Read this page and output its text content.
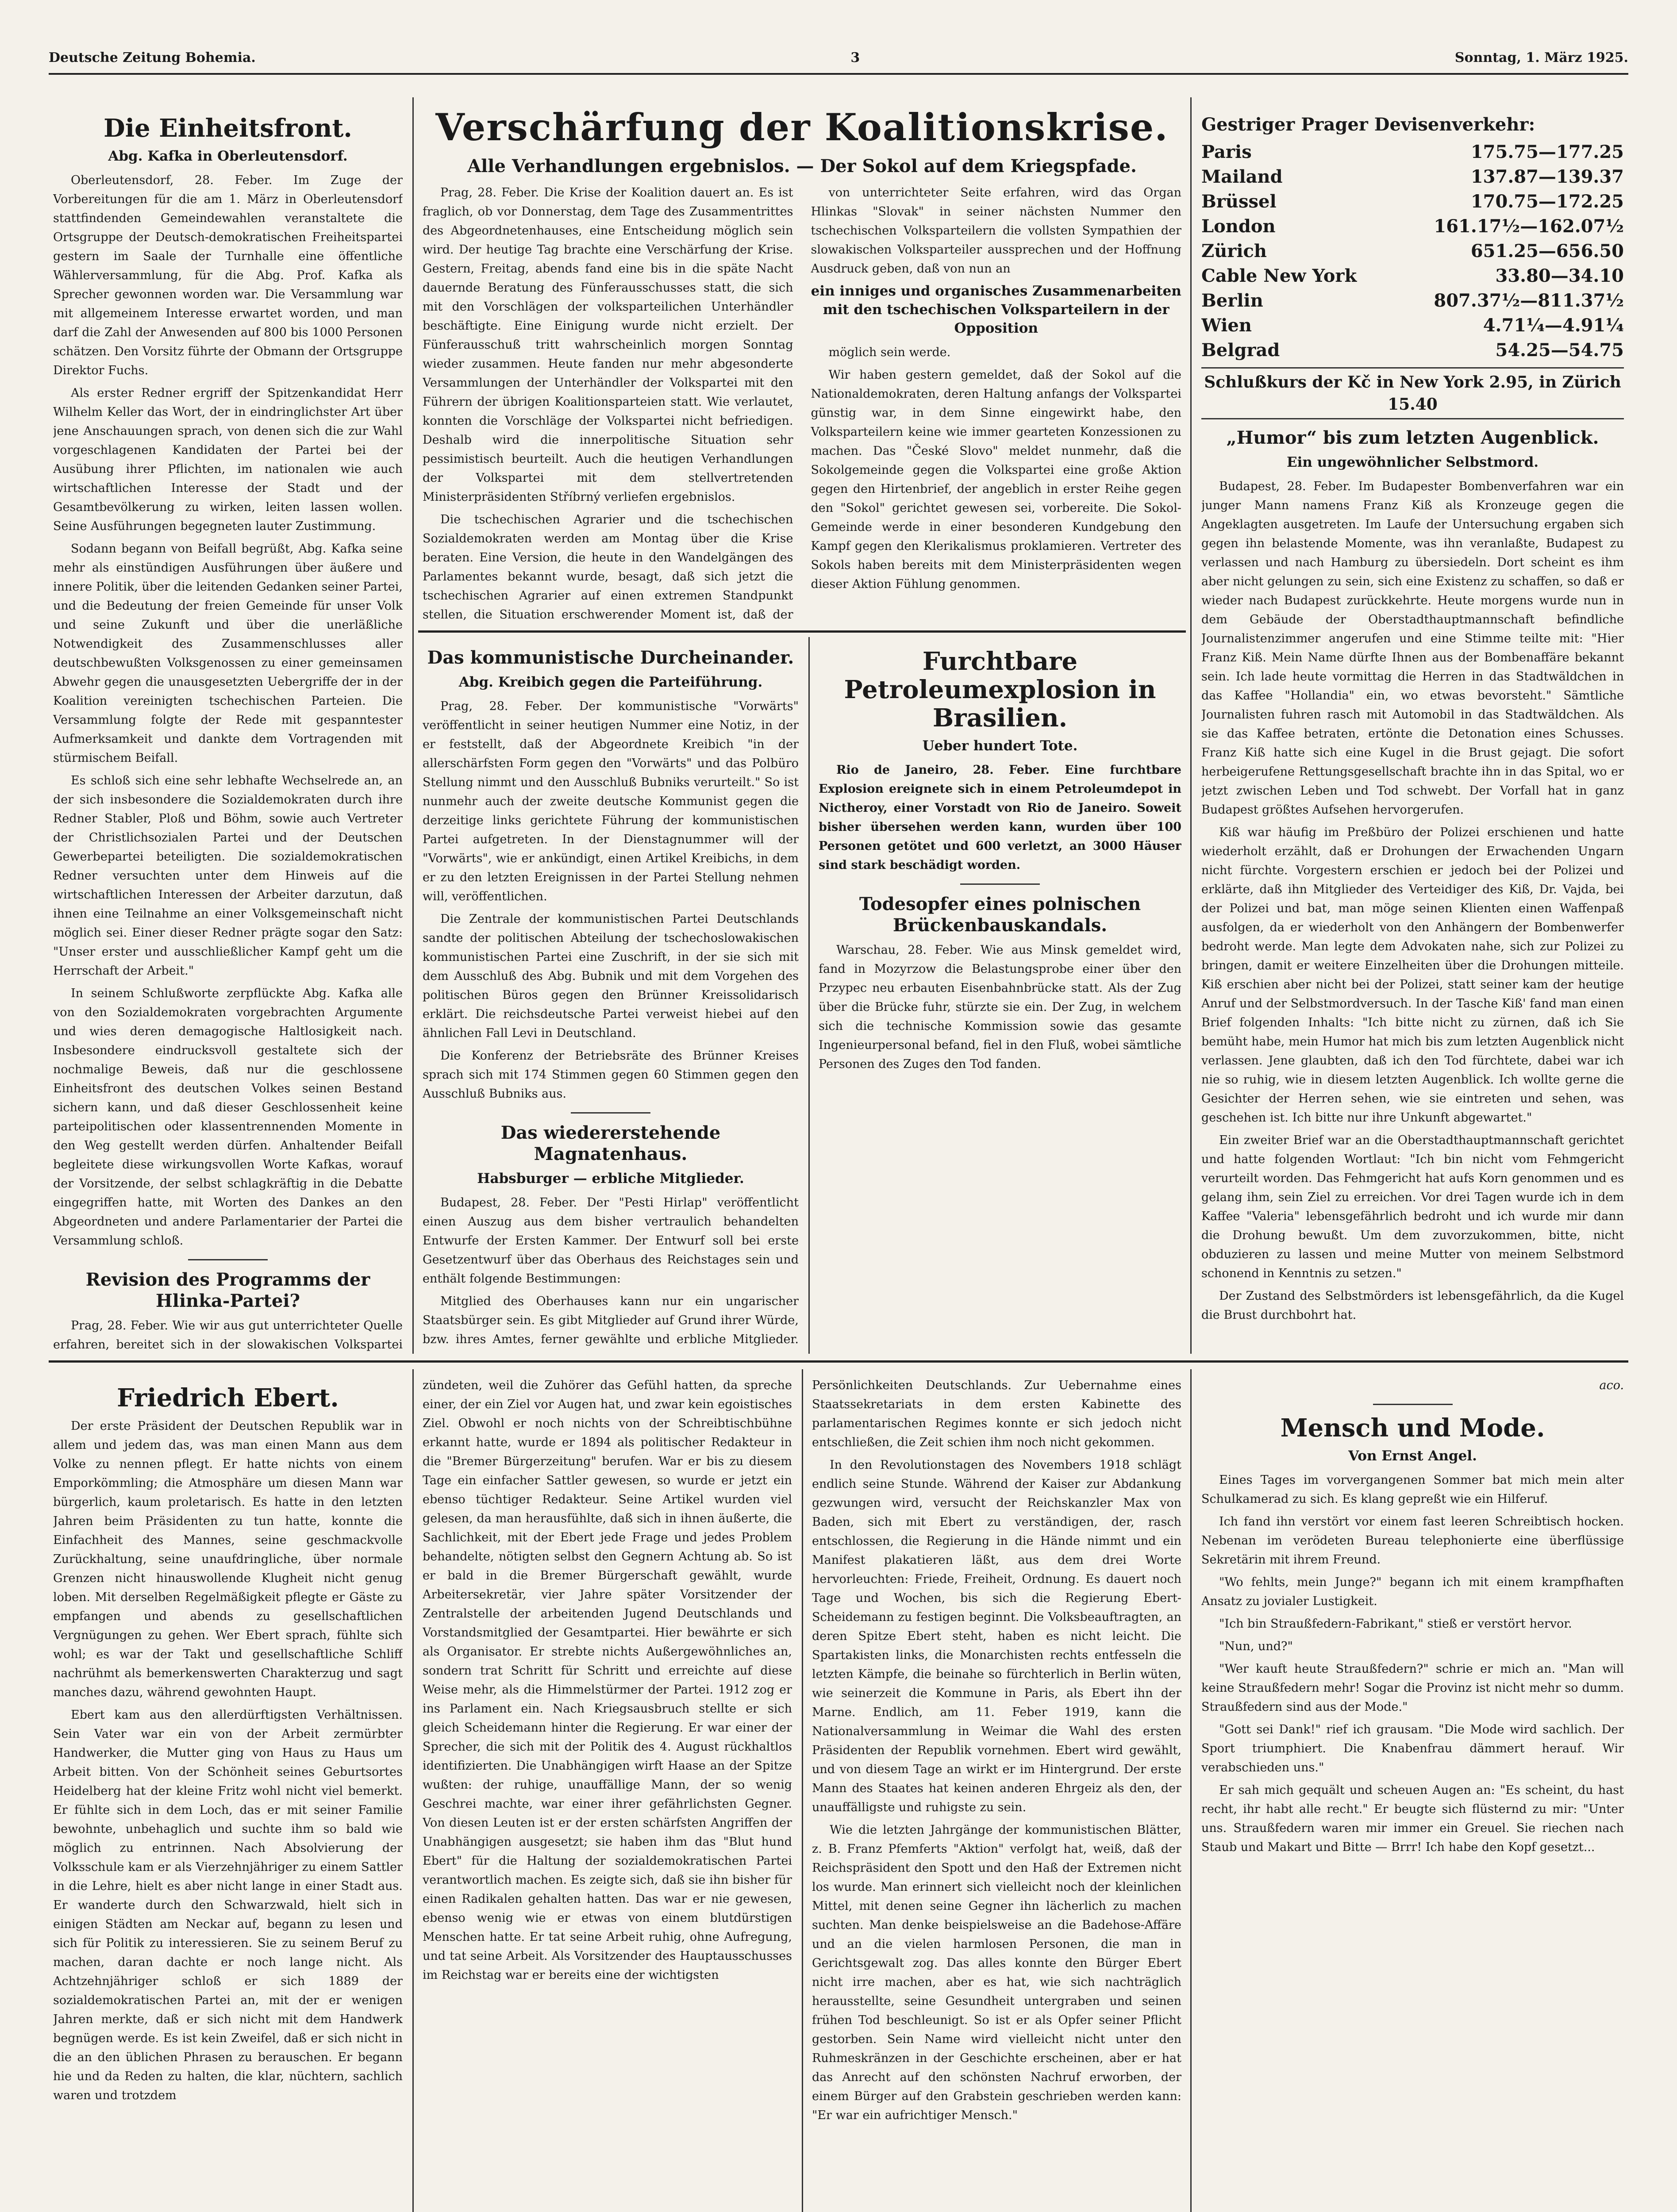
Deutsche Zeitung Bohemia.	3	Sonntag, 1. März 1925.
Die Einheitsfront.
Abg. Kafka in Oberleutensdorf.

Oberleutensdorf, 28. Feber. Im Zuge der Vorbereitungen für die am 1. März in Oberleutensdorf stattfindenden Gemeindewahlen veranstaltete die Ortsgruppe der Deutsch-demokratischen Freiheitspartei gestern im Saale der Turnhalle eine öffentliche Wählerversammlung, für die Abg. Prof. Kafka als Sprecher gewonnen worden war. Die Versammlung war mit allgemeinem Interesse erwartet worden, und man darf die Zahl der Anwesenden auf 800 bis 1000 Personen schätzen. Den Vorsitz führte der Obmann der Ortsgruppe Direktor Fuchs.

Als erster Redner ergriff der Spitzenkandidat Herr Wilhelm Keller das Wort, der in eindringlichster Art über jene Anschauungen sprach, von denen sich die zur Wahl vorgeschlagenen Kandidaten der Partei bei der Ausübung ihrer Pflichten, im nationalen wie auch wirtschaftlichen Interesse der Stadt und der Gesamtbevölkerung zu wirken, leiten lassen wollen. Seine Ausführungen begegneten lauter Zustimmung.

Sodann begann von Beifall begrüßt, Abg. Kafka seine mehr als einstündigen Ausführungen über äußere und innere Politik, über die leitenden Gedanken seiner Partei, und die Bedeutung der freien Gemeinde für unser Volk und seine Zukunft und über die unerläßliche Notwendigkeit des Zusammenschlusses aller deutschbewußten Volksgenossen zu einer gemeinsamen Abwehr gegen die unausgesetzten Uebergriffe der in der Koalition vereinigten tschechischen Parteien. Die Versammlung folgte der Rede mit gespanntester Aufmerksamkeit und dankte dem Vortragenden mit stürmischem Beifall.

Es schloß sich eine sehr lebhafte Wechselrede an, an der sich insbesondere die Sozialdemokraten durch ihre Redner Stabler, Ploß und Böhm, sowie auch Vertreter der Christlichsozialen Partei und der Deutschen Gewerbepartei beteiligten. Die sozialdemokratischen Redner versuchten unter dem Hinweis auf die wirtschaftlichen Interessen der Arbeiter darzutun, daß ihnen eine Teilnahme an einer Volksgemeinschaft nicht möglich sei. Einer dieser Redner prägte sogar den Satz: "Unser erster und ausschließlicher Kampf geht um die Herrschaft der Arbeit."

In seinem Schlußworte zerpflückte Abg. Kafka alle von den Sozialdemokraten vorgebrachten Argumente und wies deren demagogische Haltlosigkeit nach. Insbesondere eindrucksvoll gestaltete sich der nochmalige Beweis, daß nur die geschlossene Einheitsfront des deutschen Volkes seinen Bestand sichern kann, und daß dieser Geschlossenheit keine parteipolitischen oder klassentrennenden Momente in den Weg gestellt werden dürfen. Anhaltender Beifall begleitete diese wirkungsvollen Worte Kafkas, worauf der Vorsitzende, der selbst schlagkräftig in die Debatte eingegriffen hatte, mit Worten des Dankes an den Abgeordneten und andere Parlamentarier der Partei die Versammlung schloß.

Revision des Programms der Hlinka-Partei?

Prag, 28. Feber. Wie wir aus gut unterrichteter Quelle erfahren, bereitet sich in der slowakischen Volkspartei

Verschärfung der Koalitionskrise.
Alle Verhandlungen ergebnislos. — Der Sokol auf dem Kriegspfade.

Prag, 28. Feber. Die Krise der Koalition dauert an. Es ist fraglich, ob vor Donnerstag, dem Tage des Zusammentrittes des Abgeordnetenhauses, eine Entscheidung möglich sein wird. Der heutige Tag brachte eine Verschärfung der Krise. Gestern, Freitag, abends fand eine bis in die späte Nacht dauernde Beratung des Fünferausschusses statt, die sich mit den Vorschlägen der volksparteilichen Unterhändler beschäftigte. Eine Einigung wurde nicht erzielt. Der Fünferausschuß tritt wahrscheinlich morgen Sonntag wieder zusammen. Heute fanden nur mehr abgesonderte Versammlungen der Unterhändler der Volkspartei mit den Führern der übrigen Koalitionsparteien statt. Wie verlautet, konnten die Vorschläge der Volkspartei nicht befriedigen. Deshalb wird die innerpolitische Situation sehr pessimistisch beurteilt. Auch die heutigen Verhandlungen der Volkspartei mit dem stellvertretenden Ministerpräsidenten Stříbrný verliefen ergebnislos.

Die tschechischen Agrarier und die tschechischen Sozialdemokraten werden am Montag über die Krise beraten. Eine Version, die heute in den Wandelgängen des Parlamentes bekannt wurde, besagt, daß sich jetzt die tschechischen Agrarier auf einen extremen Standpunkt stellen, die Situation erschwerender Moment ist, daß der

von unterrichteter Seite erfahren, wird das Organ Hlinkas "Slovak" in seiner nächsten Nummer den tschechischen Volksparteilern die vollsten Sympathien der slowakischen Volksparteiler aussprechen und der Hoffnung Ausdruck geben, daß von nun an

ein inniges und organisches Zusammenarbeiten mit den tschechischen Volksparteilern in der Opposition

möglich sein werde.

Wir haben gestern gemeldet, daß der Sokol auf die Nationaldemokraten, deren Haltung anfangs der Volkspartei günstig war, in dem Sinne eingewirkt habe, den Volksparteilern keine wie immer gearteten Konzessionen zu machen. Das "České Slovo" meldet nunmehr, daß die Sokolgemeinde gegen die Volkspartei eine große Aktion gegen den Hirtenbrief, der angeblich in erster Reihe gegen den "Sokol" gerichtet gewesen sei, vorbereite. Die Sokol-Gemeinde werde in einer besonderen Kundgebung den Kampf gegen den Klerikalismus proklamieren. Vertreter des Sokols haben bereits mit dem Ministerpräsidenten wegen dieser Aktion Fühlung genommen.

Das kommunistische Durcheinander.
Abg. Kreibich gegen die Parteiführung.

Prag, 28. Feber. Der kommunistische "Vorwärts" veröffentlicht in seiner heutigen Nummer eine Notiz, in der er feststellt, daß der Abgeordnete Kreibich "in der allerschärfsten Form gegen den "Vorwärts" und das Polbüro Stellung nimmt und den Ausschluß Bubniks verurteilt." So ist nunmehr auch der zweite deutsche Kommunist gegen die derzeitige links gerichtete Führung der kommunistischen Partei aufgetreten. In der Dienstagnummer will der "Vorwärts", wie er ankündigt, einen Artikel Kreibichs, in dem er zu den letzten Ereignissen in der Partei Stellung nehmen will, veröffentlichen.

Die Zentrale der kommunistischen Partei Deutschlands sandte der politischen Abteilung der tschechoslowakischen kommunistischen Partei eine Zuschrift, in der sie sich mit dem Ausschluß des Abg. Bubnik und mit dem Vorgehen des politischen Büros gegen den Brünner Kreissolidarisch erklärt. Die reichsdeutsche Partei verweist hiebei auf den ähnlichen Fall Levi in Deutschland.

Die Konferenz der Betriebsräte des Brünner Kreises sprach sich mit 174 Stimmen gegen 60 Stimmen gegen den Ausschluß Bubniks aus.

Das wiedererstehende Magnatenhaus.
Habsburger — erbliche Mitglieder.

Budapest, 28. Feber. Der "Pesti Hirlap" veröffentlicht einen Auszug aus dem bisher vertraulich behandelten Entwurfe der Ersten Kammer. Der Entwurf soll bei erste Gesetzentwurf über das Oberhaus des Reichstages sein und enthält folgende Bestimmungen:

Mitglied des Oberhauses kann nur ein ungarischer Staatsbürger sein. Es gibt Mitglieder auf Grund ihrer Würde, bzw. ihres Amtes, ferner gewählte und erbliche Mitglieder.

Furchtbare Petroleumexplosion in Brasilien.
Ueber hundert Tote.

Rio de Janeiro, 28. Feber. Eine furchtbare Explosion ereignete sich in einem Petroleumdepot in Nictheroy, einer Vorstadt von Rio de Janeiro. Soweit bisher übersehen werden kann, wurden über 100 Personen getötet und 600 verletzt, an 3000 Häuser sind stark beschädigt worden.

Todesopfer eines polnischen Brückenbauskandals.

Warschau, 28. Feber. Wie aus Minsk gemeldet wird, fand in Mozyrzow die Belastungsprobe einer über den Przypec neu erbauten Eisenbahnbrücke statt. Als der Zug über die Brücke fuhr, stürzte sie ein. Der Zug, in welchem sich die technische Kommission sowie das gesamte Ingenieurpersonal befand, fiel in den Fluß, wobei sämtliche Personen des Zuges den Tod fanden.

Gestriger Prager Devisenverkehr:
Paris	175.75—177.25
Mailand	137.87—139.37
Brüssel	170.75—172.25
London	161.17½—162.07½
Zürich	651.25—656.50
Cable New York	33.80—34.10
Berlin	807.37½—811.37½
Wien	4.71¼—4.91¼
Belgrad	54.25—54.75
Schlußkurs der Kč in New York 2.95, in Zürich 15.40
„Humor“ bis zum letzten Augenblick.
Ein ungewöhnlicher Selbstmord.

Budapest, 28. Feber. Im Budapester Bombenverfahren war ein junger Mann namens Franz Kiß als Kronzeuge gegen die Angeklagten ausgetreten. Im Laufe der Untersuchung ergaben sich gegen ihn belastende Momente, was ihn veranlaßte, Budapest zu verlassen und nach Hamburg zu übersiedeln. Dort scheint es ihm aber nicht gelungen zu sein, sich eine Existenz zu schaffen, so daß er wieder nach Budapest zurückkehrte. Heute morgens wurde nun in dem Gebäude der Oberstadthauptmannschaft befindliche Journalistenzimmer angerufen und eine Stimme teilte mit: "Hier Franz Kiß. Mein Name dürfte Ihnen aus der Bombenaffäre bekannt sein. Ich lade heute vormittag die Herren in das Stadtwäldchen in das Kaffee "Hollandia" ein, wo etwas bevorsteht." Sämtliche Journalisten fuhren rasch mit Automobil in das Stadtwäldchen. Als sie das Kaffee betraten, ertönte die Detonation eines Schusses. Franz Kiß hatte sich eine Kugel in die Brust gejagt. Die sofort herbeigerufene Rettungsgesellschaft brachte ihn in das Spital, wo er jetzt zwischen Leben und Tod schwebt. Der Vorfall hat in ganz Budapest größtes Aufsehen hervorgerufen.

Kiß war häufig im Preßbüro der Polizei erschienen und hatte wiederholt erzählt, daß er Drohungen der Erwachenden Ungarn nicht fürchte. Vorgestern erschien er jedoch bei der Polizei und erklärte, daß ihn Mitglieder des Verteidiger des Kiß, Dr. Vajda, bei der Polizei und bat, man möge seinen Klienten einen Waffenpaß ausfolgen, da er wiederholt von den Anhängern der Bombenwerfer bedroht werde. Man legte dem Advokaten nahe, sich zur Polizei zu bringen, damit er weitere Einzelheiten über die Drohungen mitteile. Kiß erschien aber nicht bei der Polizei, statt seiner kam der heutige Anruf und der Selbstmordversuch. In der Tasche Kiß' fand man einen Brief folgenden Inhalts: "Ich bitte nicht zu zürnen, daß ich Sie bemüht habe, mein Humor hat mich bis zum letzten Augenblick nicht verlassen. Jene glaubten, daß ich den Tod fürchtete, dabei war ich nie so ruhig, wie in diesem letzten Augenblick. Ich wollte gerne die Gesichter der Herren sehen, wie sie eintreten und sehen, was geschehen ist. Ich bitte nur ihre Unkunft abgewartet."

Ein zweiter Brief war an die Oberstadthauptmannschaft gerichtet und hatte folgenden Wortlaut: "Ich bin nicht vom Fehmgericht verurteilt worden. Das Fehmgericht hat aufs Korn genommen und es gelang ihm, sein Ziel zu erreichen. Vor drei Tagen wurde ich in dem Kaffee "Valeria" lebensgefährlich bedroht und ich wurde mir dann die Drohung bewußt. Um dem zuvorzukommen, bitte, nicht obduzieren zu lassen und meine Mutter von meinem Selbstmord schonend in Kenntnis zu setzen."

Der Zustand des Selbstmörders ist lebensgefährlich, da die Kugel die Brust durchbohrt hat.

Friedrich Ebert.

Der erste Präsident der Deutschen Republik war in allem und jedem das, was man einen Mann aus dem Volke zu nennen pflegt. Er hatte nichts von einem Emporkömmling; die Atmosphäre um diesen Mann war bürgerlich, kaum proletarisch. Es hatte in den letzten Jahren beim Präsidenten zu tun hatte, konnte die Einfachheit des Mannes, seine geschmackvolle Zurückhaltung, seine unaufdringliche, über normale Grenzen nicht hinauswollende Klugheit nicht genug loben. Mit derselben Regelmäßigkeit pflegte er Gäste zu empfangen und abends zu gesellschaftlichen Vergnügungen zu gehen. Wer Ebert sprach, fühlte sich wohl; es war der Takt und gesellschaftliche Schliff nachrühmt als bemerkenswerten Charakterzug und sagt manches dazu, während gewohnten Haupt.

Ebert kam aus den allerdürftigsten Verhältnissen. Sein Vater war ein von der Arbeit zermürbter Handwerker, die Mutter ging von Haus zu Haus um Arbeit bitten. Von der Schönheit seines Geburtsortes Heidelberg hat der kleine Fritz wohl nicht viel bemerkt. Er fühlte sich in dem Loch, das er mit seiner Familie bewohnte, unbehaglich und suchte ihm so bald wie möglich zu entrinnen. Nach Absolvierung der Volksschule kam er als Vierzehnjähriger zu einem Sattler in die Lehre, hielt es aber nicht lange in einer Stadt aus. Er wanderte durch den Schwarzwald, hielt sich in einigen Städten am Neckar auf, begann zu lesen und sich für Politik zu interessieren. Sie zu seinem Beruf zu machen, daran dachte er noch lange nicht. Als Achtzehnjähriger schloß er sich 1889 der sozialdemokratischen Partei an, mit der er wenigen Jahren merkte, daß er sich nicht mit dem Handwerk begnügen werde. Es ist kein Zweifel, daß er sich nicht in die an den üblichen Phrasen zu berauschen. Er begann hie und da Reden zu halten, die klar, nüchtern, sachlich waren und trotzdem

zündeten, weil die Zuhörer das Gefühl hatten, da spreche einer, der ein Ziel vor Augen hat, und zwar kein egoistisches Ziel. Obwohl er noch nichts von der Schreibtischbühne erkannt hatte, wurde er 1894 als politischer Redakteur in die "Bremer Bürgerzeitung" berufen. War er bis zu diesem Tage ein einfacher Sattler gewesen, so wurde er jetzt ein ebenso tüchtiger Redakteur. Seine Artikel wurden viel gelesen, da man herausfühlte, daß sich in ihnen äußerte, die Sachlichkeit, mit der Ebert jede Frage und jedes Problem behandelte, nötigten selbst den Gegnern Achtung ab. So ist er bald in die Bremer Bürgerschaft gewählt, wurde Arbeitersekretär, vier Jahre später Vorsitzender der Zentralstelle der arbeitenden Jugend Deutschlands und Vorstandsmitglied der Gesamtpartei. Hier bewährte er sich als Organisator. Er strebte nichts Außergewöhnliches an, sondern trat Schritt für Schritt und erreichte auf diese Weise mehr, als die Himmelstürmer der Partei. 1912 zog er ins Parlament ein. Nach Kriegsausbruch stellte er sich gleich Scheidemann hinter die Regierung. Er war einer der Sprecher, die sich mit der Politik des 4. August rückhaltlos identifizierten. Die Unabhängigen wirft Haase an der Spitze wußten: der ruhige, unauffällige Mann, der so wenig Geschrei machte, war einer ihrer gefährlichsten Gegner. Von diesen Leuten ist er der ersten schärfsten Angriffen der Unabhängigen ausgesetzt; sie haben ihm das "Blut hund Ebert" für die Haltung der sozialdemokratischen Partei verantwortlich machen. Es zeigte sich, daß sie ihn bisher für einen Radikalen gehalten hatten. Das war er nie gewesen, ebenso wenig wie er etwas von einem blutdürstigen Menschen hatte. Er tat seine Arbeit ruhig, ohne Aufregung, und tat seine Arbeit. Als Vorsitzender des Hauptausschusses im Reichstag war er bereits eine der wichtigsten

Persönlichkeiten Deutschlands. Zur Uebernahme eines Staatssekretariats in dem ersten Kabinette des parlamentarischen Regimes konnte er sich jedoch nicht entschließen, die Zeit schien ihm noch nicht gekommen.

In den Revolutionstagen des Novembers 1918 schlägt endlich seine Stunde. Während der Kaiser zur Abdankung gezwungen wird, versucht der Reichskanzler Max von Baden, sich mit Ebert zu verständigen, der, rasch entschlossen, die Regierung in die Hände nimmt und ein Manifest plakatieren läßt, aus dem drei Worte hervorleuchten: Friede, Freiheit, Ordnung. Es dauert noch Tage und Wochen, bis sich die Regierung Ebert-Scheidemann zu festigen beginnt. Die Volksbeauftragten, an deren Spitze Ebert steht, haben es nicht leicht. Die Spartakisten links, die Monarchisten rechts entfesseln die letzten Kämpfe, die beinahe so fürchterlich in Berlin wüten, wie seinerzeit die Kommune in Paris, als Ebert ihn der Marne. Endlich, am 11. Feber 1919, kann die Nationalversammlung in Weimar die Wahl des ersten Präsidenten der Republik vornehmen. Ebert wird gewählt, und von diesem Tage an wirkt er im Hintergrund. Der erste Mann des Staates hat keinen anderen Ehrgeiz als den, der unauffälligste und ruhigste zu sein.

Wie die letzten Jahrgänge der kommunistischen Blätter, z. B. Franz Pfemferts "Aktion" verfolgt hat, weiß, daß der Reichspräsident den Spott und den Haß der Extremen nicht los wurde. Man erinnert sich vielleicht noch der kleinlichen Mittel, mit denen seine Gegner ihn lächerlich zu machen suchten. Man denke beispielsweise an die Badehose-Affäre und an die vielen harmlosen Personen, die man in Gerichtsgewalt zog. Das alles konnte den Bürger Ebert nicht irre machen, aber es hat, wie sich nachträglich herausstellte, seine Gesundheit untergraben und seinen frühen Tod beschleunigt. So ist er als Opfer seiner Pflicht gestorben. Sein Name wird vielleicht nicht unter den Ruhmeskränzen in der Geschichte erscheinen, aber er hat das Anrecht auf den schönsten Nachruf erworben, der einem Bürger auf den Grabstein geschrieben werden kann: "Er war ein aufrichtiger Mensch."

aco.
Mensch und Mode.
Von Ernst Angel.

Eines Tages im vorvergangenen Sommer bat mich mein alter Schulkamerad zu sich. Es klang gepreßt wie ein Hilferuf.

Ich fand ihn verstört vor einem fast leeren Schreibtisch hocken. Nebenan im verödeten Bureau telephonierte eine überflüssige Sekretärin mit ihrem Freund.

"Wo fehlts, mein Junge?" begann ich mit einem krampfhaften Ansatz zu jovialer Lustigkeit.

"Ich bin Straußfedern-Fabrikant," stieß er verstört hervor.

"Nun, und?"

"Wer kauft heute Straußfedern?" schrie er mich an. "Man will keine Straußfedern mehr! Sogar die Provinz ist nicht mehr so dumm. Straußfedern sind aus der Mode."

"Gott sei Dank!" rief ich grausam. "Die Mode wird sachlich. Der Sport triumphiert. Die Knabenfrau dämmert herauf. Wir verabschieden uns."

Er sah mich gequält und scheuen Augen an: "Es scheint, du hast recht, ihr habt alle recht." Er beugte sich flüsternd zu mir: "Unter uns. Straußfedern waren mir immer ein Greuel. Sie riechen nach Staub und Makart und Bitte — Brrr! Ich habe den Kopf gesetzt...
